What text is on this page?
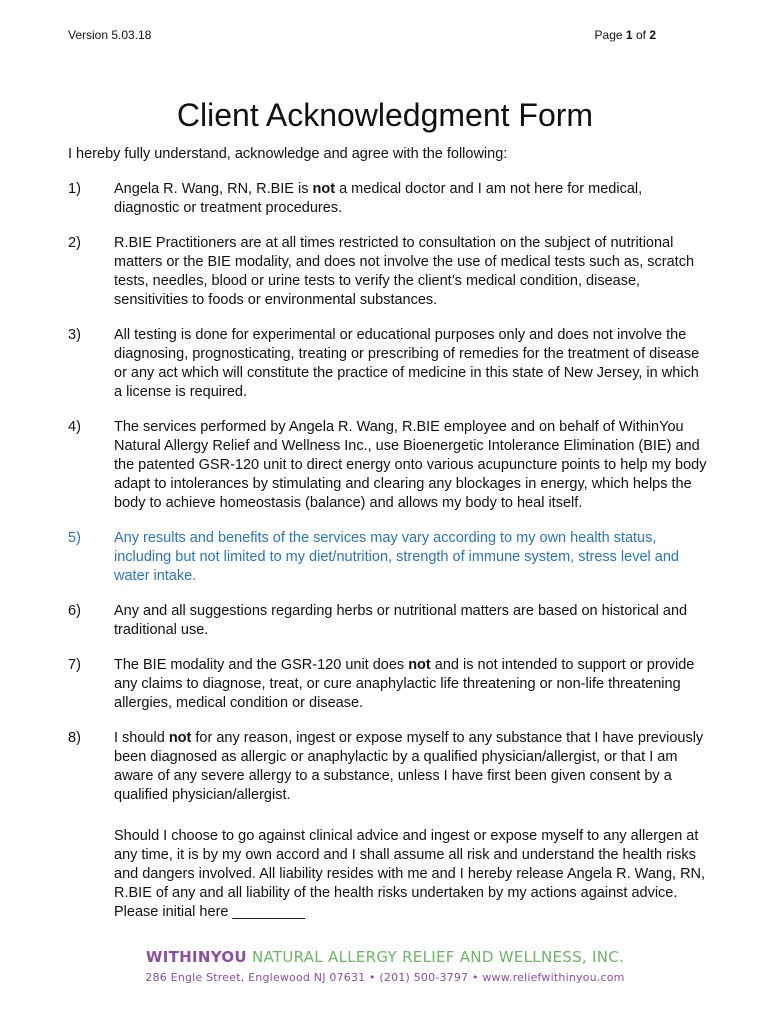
Version 5.03.18	Page 1 of 2
Client Acknowledgment Form
I hereby fully understand, acknowledge and agree with the following:
1)	Angela R. Wang, RN, R.BIE is not a medical doctor and I am not here for medical, diagnostic or treatment procedures.
2)	R.BIE Practitioners are at all times restricted to consultation on the subject of nutritional matters or the BIE modality, and does not involve the use of medical tests such as, scratch tests, needles, blood or urine tests to verify the client’s medical condition, disease, sensitivities to foods or environmental substances.
3)	All testing is done for experimental or educational purposes only and does not involve the diagnosing, prognosticating, treating or prescribing of remedies for the treatment of disease or any act which will constitute the practice of medicine in this state of New Jersey, in which a license is required.
4)	The services performed by Angela R. Wang, R.BIE employee and on behalf of WithinYou Natural Allergy Relief and Wellness Inc., use Bioenergetic Intolerance Elimination (BIE) and the patented GSR-120 unit to direct energy onto various acupuncture points to help my body adapt to intolerances by stimulating and clearing any blockages in energy, which helps the body to achieve homeostasis (balance) and allows my body to heal itself.
5)	Any results and benefits of the services may vary according to my own health status, including but not limited to my diet/nutrition, strength of immune system, stress level and water intake.
6)	Any and all suggestions regarding herbs or nutritional matters are based on historical and traditional use.
7)	The BIE modality and the GSR-120 unit does not and is not intended to support or provide any claims to diagnose, treat, or cure anaphylactic life threatening or non-life threatening allergies, medical condition or disease.
8)	I should not for any reason, ingest or expose myself to any substance that I have previously been diagnosed as allergic or anaphylactic by a qualified physician/allergist, or that I am aware of any severe allergy to a substance, unless I have first been given consent by a qualified physician/allergist.
Should I choose to go against clinical advice and ingest or expose myself to any allergen at any time, it is by my own accord and I shall assume all risk and understand the health risks and dangers involved. All liability resides with me and I hereby release Angela R. Wang, RN, R.BIE of any and all liability of the health risks undertaken by my actions against advice. Please initial here _________
WITHINYOU NATURAL ALLERGY RELIEF AND WELLNESS, INC.
286 Engle Street, Englewood NJ 07631 • (201) 500-3797 • www.reliefwithinyou.com
